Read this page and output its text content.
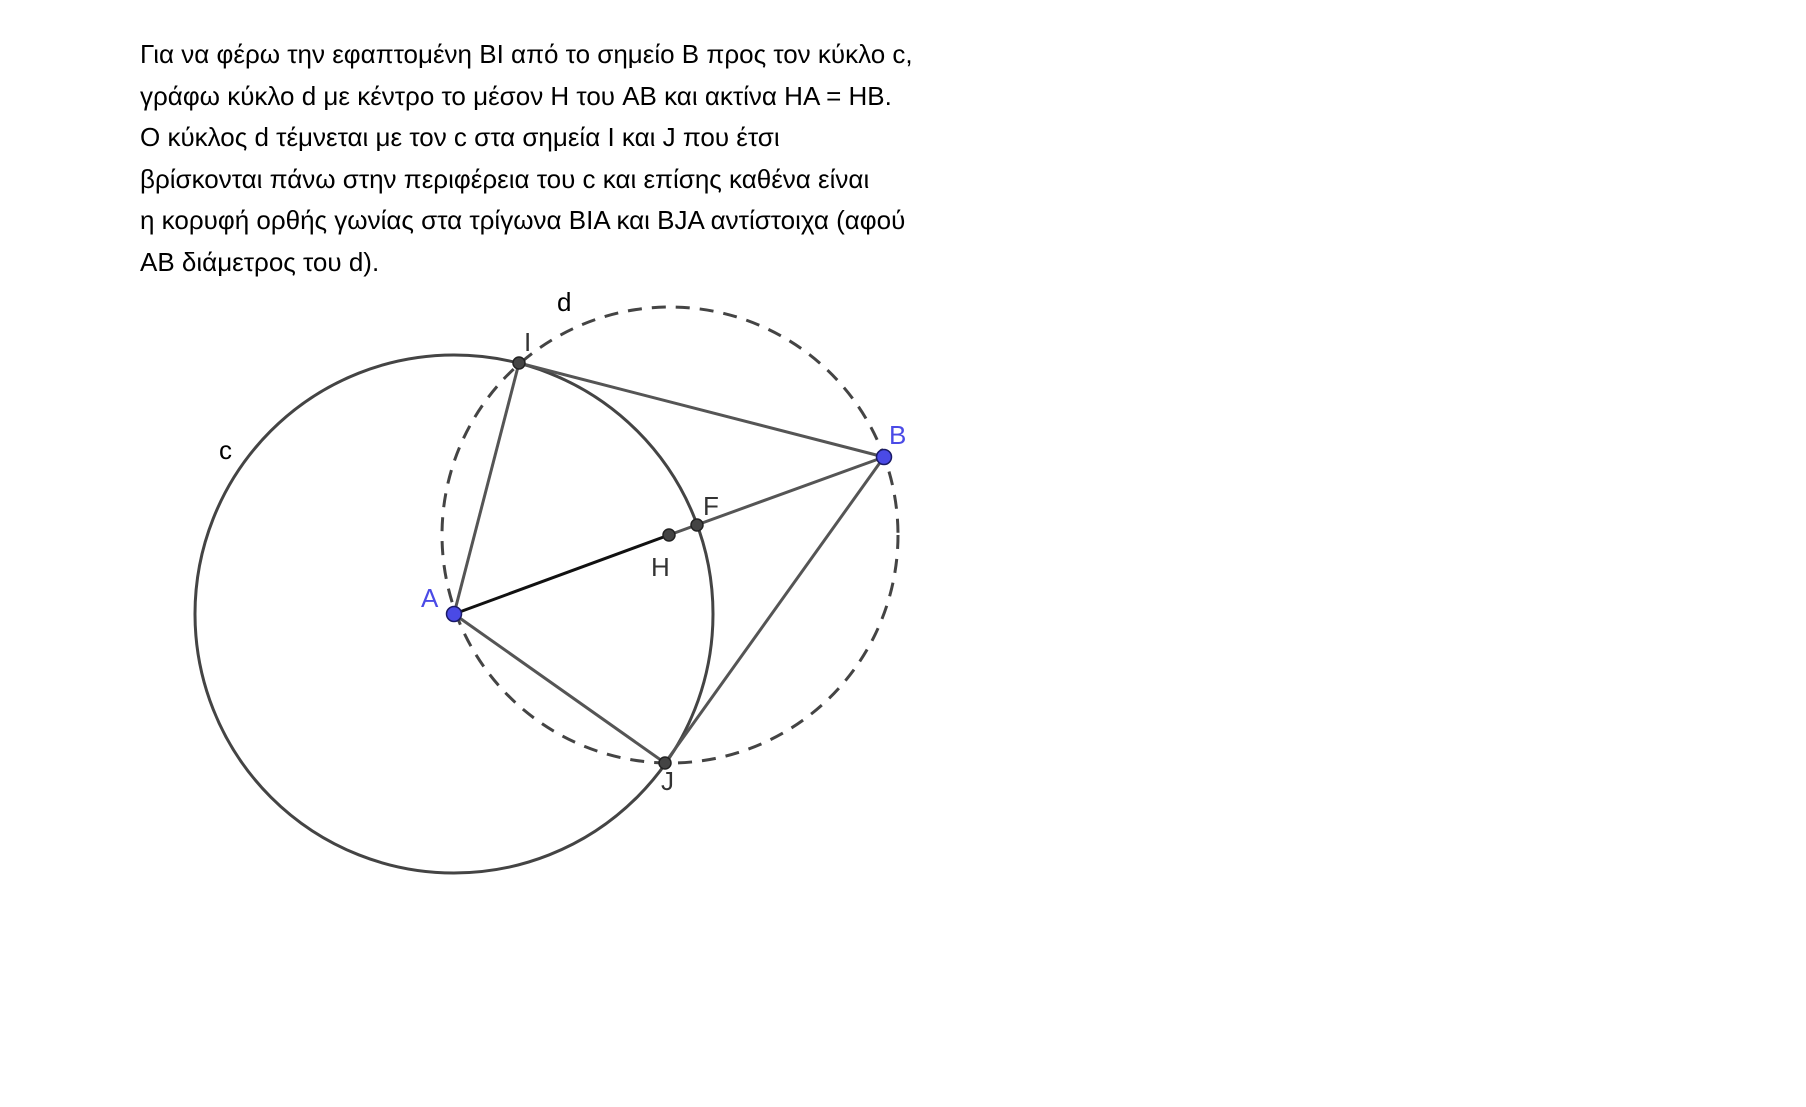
Για να φέρω την εφαπτομένη BI από το σημείο B προς τον κύκλο c,
γράφω κύκλο d με κέντρο το μέσον H του AB και ακτίνα HA = HB.
O κύκλος d τέμνεται με τον c στα σημεία I και J που έτσι
βρίσκονται πάνω στην περιφέρεια του c και επίσης καθένα είναι
η κορυφή ορθής γωνίας στα τρίγωνα BIA και BJA αντίστοιχα (αφού
AB διάμετρος του d).
c
d
I
J
H
F
A
B
